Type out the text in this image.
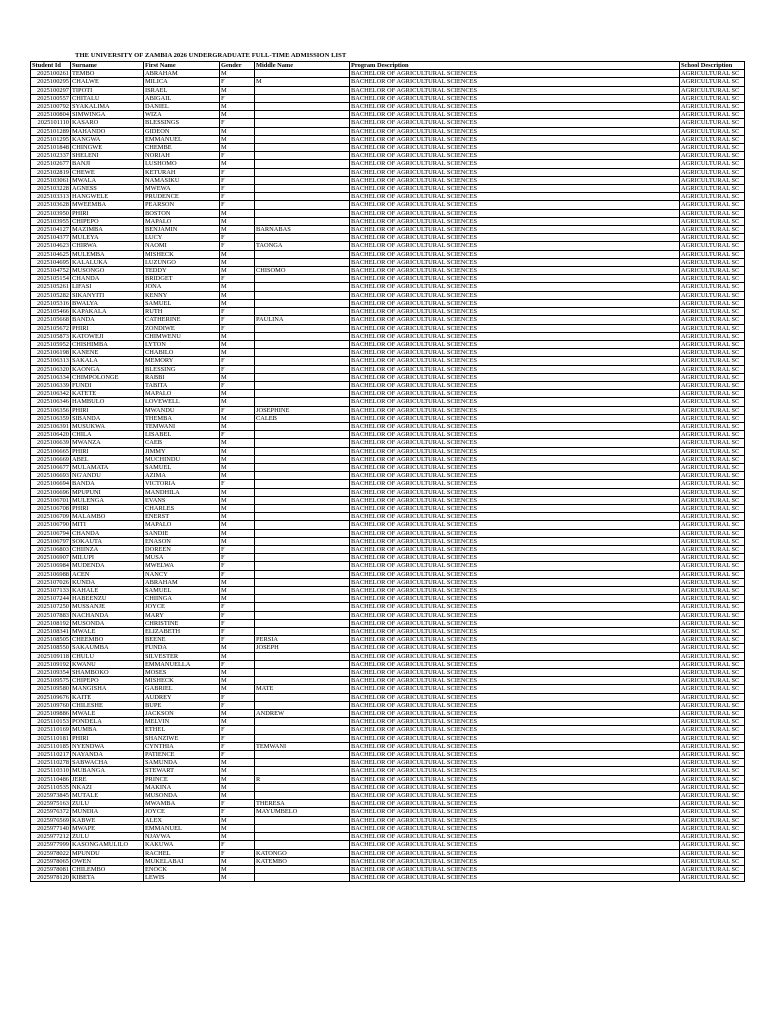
THE UNIVERSITY OF ZAMBIA 2026 UNDERGRADUATE FULL-TIME ADMISSION LIST
Student Id	Surname	First Name	Gender	Middle Name	Program Description	School Description
2025100261	TEMBO	ABRAHAM	M		BACHELOR OF AGRICULTURAL SCIENCES	AGRICULTURAL SC
2025100295	CHALWE	MILICA	F	M	BACHELOR OF AGRICULTURAL SCIENCES	AGRICULTURAL SC
2025100297	TIPOTI	ISRAEL	M		BACHELOR OF AGRICULTURAL SCIENCES	AGRICULTURAL SC
2025100557	CHITALU	ABIGAIL	F		BACHELOR OF AGRICULTURAL SCIENCES	AGRICULTURAL SC
2025100792	SYAKALIMA	DANIEL	M		BACHELOR OF AGRICULTURAL SCIENCES	AGRICULTURAL SC
2025100804	SIMWINGA	WIZA	M		BACHELOR OF AGRICULTURAL SCIENCES	AGRICULTURAL SC
2025101110	KASARO	BLESSINGS	F		BACHELOR OF AGRICULTURAL SCIENCES	AGRICULTURAL SC
2025101289	MAHANDO	GIDEON	M		BACHELOR OF AGRICULTURAL SCIENCES	AGRICULTURAL SC
2025101295	KANGWA	EMMANUEL	M		BACHELOR OF AGRICULTURAL SCIENCES	AGRICULTURAL SC
2025101848	CHINGWE	CHEMBE	M		BACHELOR OF AGRICULTURAL SCIENCES	AGRICULTURAL SC
2025102337	SHELENI	NORIAH	F		BACHELOR OF AGRICULTURAL SCIENCES	AGRICULTURAL SC
2025102677	BANJI	LUSHOMO	M		BACHELOR OF AGRICULTURAL SCIENCES	AGRICULTURAL SC
2025102819	CHEWE	KETURAH	F		BACHELOR OF AGRICULTURAL SCIENCES	AGRICULTURAL SC
2025103061	MWALA	NAMASIKU	F		BACHELOR OF AGRICULTURAL SCIENCES	AGRICULTURAL SC
2025103228	AGNESS	MWEWA	F		BACHELOR OF AGRICULTURAL SCIENCES	AGRICULTURAL SC
2025103313	HANGWELE	PRUDENCE	F		BACHELOR OF AGRICULTURAL SCIENCES	AGRICULTURAL SC
2025103628	MWEEMBA	PEARSON	F		BACHELOR OF AGRICULTURAL SCIENCES	AGRICULTURAL SC
2025103950	PHIRI	BOSTON	M		BACHELOR OF AGRICULTURAL SCIENCES	AGRICULTURAL SC
2025103955	CHIPEPO	MAPALO	M		BACHELOR OF AGRICULTURAL SCIENCES	AGRICULTURAL SC
2025104127	MAZIMBA	BENJAMIN	M	BARNABAS	BACHELOR OF AGRICULTURAL SCIENCES	AGRICULTURAL SC
2025104377	MULEYA	LUCY	F		BACHELOR OF AGRICULTURAL SCIENCES	AGRICULTURAL SC
2025104623	CHIRWA	NAOMI	F	TAONGA	BACHELOR OF AGRICULTURAL SCIENCES	AGRICULTURAL SC
2025104625	MULEMBA	MISHECK	M		BACHELOR OF AGRICULTURAL SCIENCES	AGRICULTURAL SC
2025104695	KALALUKA	LUZUNGO	M		BACHELOR OF AGRICULTURAL SCIENCES	AGRICULTURAL SC
2025104752	MUSONGO	TEDDY	M	CHISOMO	BACHELOR OF AGRICULTURAL SCIENCES	AGRICULTURAL SC
2025105154	CHANDA	BRIDGET	F		BACHELOR OF AGRICULTURAL SCIENCES	AGRICULTURAL SC
2025105261	LIFASI	JONA	M		BACHELOR OF AGRICULTURAL SCIENCES	AGRICULTURAL SC
2025105282	SIKANYITI	KENNY	M		BACHELOR OF AGRICULTURAL SCIENCES	AGRICULTURAL SC
2025105316	BWALYA	SAMUEL	M		BACHELOR OF AGRICULTURAL SCIENCES	AGRICULTURAL SC
2025105466	KAPAKALA	RUTH	F		BACHELOR OF AGRICULTURAL SCIENCES	AGRICULTURAL SC
2025105668	BANDA	CATHERINE	F	PAULINA	BACHELOR OF AGRICULTURAL SCIENCES	AGRICULTURAL SC
2025105672	PHIRI	ZONDIWE	F		BACHELOR OF AGRICULTURAL SCIENCES	AGRICULTURAL SC
2025105873	KATOWEJI	CHIMWENU	M		BACHELOR OF AGRICULTURAL SCIENCES	AGRICULTURAL SC
2025105952	CHISHIMBA	LYTON	M		BACHELOR OF AGRICULTURAL SCIENCES	AGRICULTURAL SC
2025106198	KANENE	CHABILO	M		BACHELOR OF AGRICULTURAL SCIENCES	AGRICULTURAL SC
2025106313	SAKALA	MEMORY	F		BACHELOR OF AGRICULTURAL SCIENCES	AGRICULTURAL SC
2025106320	KAONGA	BLESSING	F		BACHELOR OF AGRICULTURAL SCIENCES	AGRICULTURAL SC
2025106334	CHIMPOLONGE	RABBI	M		BACHELOR OF AGRICULTURAL SCIENCES	AGRICULTURAL SC
2025106339	FUNDI	TABITA	F		BACHELOR OF AGRICULTURAL SCIENCES	AGRICULTURAL SC
2025106342	KATETE	MAPALO	M		BACHELOR OF AGRICULTURAL SCIENCES	AGRICULTURAL SC
2025106346	HAMBULO	LOVEWELL	M		BACHELOR OF AGRICULTURAL SCIENCES	AGRICULTURAL SC
2025106356	PHIRI	MWANDU	F	JOSEPHINE	BACHELOR OF AGRICULTURAL SCIENCES	AGRICULTURAL SC
2025106359	SIBANDA	THEMBA	M	CALEB	BACHELOR OF AGRICULTURAL SCIENCES	AGRICULTURAL SC
2025106391	MUSUKWA	TEMWANI	M		BACHELOR OF AGRICULTURAL SCIENCES	AGRICULTURAL SC
2025106420	CHILA	LISABEL	F		BACHELOR OF AGRICULTURAL SCIENCES	AGRICULTURAL SC
2025106639	MWANZA	CAEB	M		BACHELOR OF AGRICULTURAL SCIENCES	AGRICULTURAL SC
2025106665	PHIRI	JIMMY	M		BACHELOR OF AGRICULTURAL SCIENCES	AGRICULTURAL SC
2025106669	ABEL	MUCHINDU	M		BACHELOR OF AGRICULTURAL SCIENCES	AGRICULTURAL SC
2025106677	MULAMATA	SAMUEL	M		BACHELOR OF AGRICULTURAL SCIENCES	AGRICULTURAL SC
2025106693	NG'ANDU	AZIMA	M		BACHELOR OF AGRICULTURAL SCIENCES	AGRICULTURAL SC
2025106694	BANDA	VICTORIA	F		BACHELOR OF AGRICULTURAL SCIENCES	AGRICULTURAL SC
2025106696	MPUPUNI	MANDHILA	M		BACHELOR OF AGRICULTURAL SCIENCES	AGRICULTURAL SC
2025106701	MULENGA	EVANS	M		BACHELOR OF AGRICULTURAL SCIENCES	AGRICULTURAL SC
2025106708	PHIRI	CHARLES	M		BACHELOR OF AGRICULTURAL SCIENCES	AGRICULTURAL SC
2025106709	MALAMBO	ENERST	M		BACHELOR OF AGRICULTURAL SCIENCES	AGRICULTURAL SC
2025106790	MITI	MAPALO	M		BACHELOR OF AGRICULTURAL SCIENCES	AGRICULTURAL SC
2025106794	CHANDA	SANDIE	M		BACHELOR OF AGRICULTURAL SCIENCES	AGRICULTURAL SC
2025106797	SOKAUTA	ENASON	M		BACHELOR OF AGRICULTURAL SCIENCES	AGRICULTURAL SC
2025106803	CHIINZA	DOREEN	F		BACHELOR OF AGRICULTURAL SCIENCES	AGRICULTURAL SC
2025106907	MILUPI	MUSA	F		BACHELOR OF AGRICULTURAL SCIENCES	AGRICULTURAL SC
2025106984	MUDENDA	MWELWA	F		BACHELOR OF AGRICULTURAL SCIENCES	AGRICULTURAL SC
2025106988	ACEN	NANCY	F		BACHELOR OF AGRICULTURAL SCIENCES	AGRICULTURAL SC
2025107026	KUNDA	ABRAHAM	M		BACHELOR OF AGRICULTURAL SCIENCES	AGRICULTURAL SC
2025107133	KAHALE	SAMUEL	M		BACHELOR OF AGRICULTURAL SCIENCES	AGRICULTURAL SC
2025107244	HABEENZU	CHIINGA	M		BACHELOR OF AGRICULTURAL SCIENCES	AGRICULTURAL SC
2025107250	MUSSANJE	JOYCE	F		BACHELOR OF AGRICULTURAL SCIENCES	AGRICULTURAL SC
2025107883	NACHANDA	MARY	F		BACHELOR OF AGRICULTURAL SCIENCES	AGRICULTURAL SC
2025108192	MUSONDA	CHRISTINE	F		BACHELOR OF AGRICULTURAL SCIENCES	AGRICULTURAL SC
2025108341	MWALE	ELIZABETH	F		BACHELOR OF AGRICULTURAL SCIENCES	AGRICULTURAL SC
2025108505	CHEEMBO	BEENE	F	PERSIA	BACHELOR OF AGRICULTURAL SCIENCES	AGRICULTURAL SC
2025108550	SAKAUMBA	FUNDA	M	JOSEPH	BACHELOR OF AGRICULTURAL SCIENCES	AGRICULTURAL SC
2025109118	CHULU	SILVESTER	M		BACHELOR OF AGRICULTURAL SCIENCES	AGRICULTURAL SC
2025109192	KWANU	EMMANUELLA	F		BACHELOR OF AGRICULTURAL SCIENCES	AGRICULTURAL SC
2025109354	SHAMBOKO	MOSES	M		BACHELOR OF AGRICULTURAL SCIENCES	AGRICULTURAL SC
2025109575	CHIPEPO	MISHECK	M		BACHELOR OF AGRICULTURAL SCIENCES	AGRICULTURAL SC
2025109580	MANGISHA	GABRIEL	M	MATE	BACHELOR OF AGRICULTURAL SCIENCES	AGRICULTURAL SC
2025109676	KAITE	AUDREY	F		BACHELOR OF AGRICULTURAL SCIENCES	AGRICULTURAL SC
2025109760	CHILESHE	BUPE	F		BACHELOR OF AGRICULTURAL SCIENCES	AGRICULTURAL SC
2025109886	MWALE	JACKSON	M	ANDREW	BACHELOR OF AGRICULTURAL SCIENCES	AGRICULTURAL SC
2025110153	PONDELA	MELVIN	M		BACHELOR OF AGRICULTURAL SCIENCES	AGRICULTURAL SC
2025110169	MUMBA	ETHEL	F		BACHELOR OF AGRICULTURAL SCIENCES	AGRICULTURAL SC
2025110181	PHIRI	SHANZIWE	F		BACHELOR OF AGRICULTURAL SCIENCES	AGRICULTURAL SC
2025110185	NYENDWA	CYNTHIA	F	TEMWANI	BACHELOR OF AGRICULTURAL SCIENCES	AGRICULTURAL SC
2025110217	NAYANDA	PATIENCE	F		BACHELOR OF AGRICULTURAL SCIENCES	AGRICULTURAL SC
2025110278	SABWACHA	SAMUNDA	M		BACHELOR OF AGRICULTURAL SCIENCES	AGRICULTURAL SC
2025110310	MUBANGA	STEWART	M		BACHELOR OF AGRICULTURAL SCIENCES	AGRICULTURAL SC
2025110486	JERE	PRINCE	M	R	BACHELOR OF AGRICULTURAL SCIENCES	AGRICULTURAL SC
2025110535	NKAZI	MAKINA	M		BACHELOR OF AGRICULTURAL SCIENCES	AGRICULTURAL SC
2025973845	MUTALE	MUSONDA	M		BACHELOR OF AGRICULTURAL SCIENCES	AGRICULTURAL SC
2025975163	ZULU	MWAMBA	F	THERESA	BACHELOR OF AGRICULTURAL SCIENCES	AGRICULTURAL SC
2025976372	MUNDIA	JOYCE	F	MAYUMBELO	BACHELOR OF AGRICULTURAL SCIENCES	AGRICULTURAL SC
2025976569	KABWE	ALEX	M		BACHELOR OF AGRICULTURAL SCIENCES	AGRICULTURAL SC
2025977140	MWAPE	EMMANUEL	M		BACHELOR OF AGRICULTURAL SCIENCES	AGRICULTURAL SC
2025977212	ZULU	NJAVWA	M		BACHELOR OF AGRICULTURAL SCIENCES	AGRICULTURAL SC
2025977999	KASONGAMULILO	KAKUWA	F		BACHELOR OF AGRICULTURAL SCIENCES	AGRICULTURAL SC
2025978022	MPUNDU	RACHEL	F	KATONGO	BACHELOR OF AGRICULTURAL SCIENCES	AGRICULTURAL SC
2025978065	OWEN	MUKELABAI	M	KATEMBO	BACHELOR OF AGRICULTURAL SCIENCES	AGRICULTURAL SC
2025978081	CHILEMBO	ENOCK	M		BACHELOR OF AGRICULTURAL SCIENCES	AGRICULTURAL SC
2025978120	KIBETA	LEWIS	M		BACHELOR OF AGRICULTURAL SCIENCES	AGRICULTURAL SC
